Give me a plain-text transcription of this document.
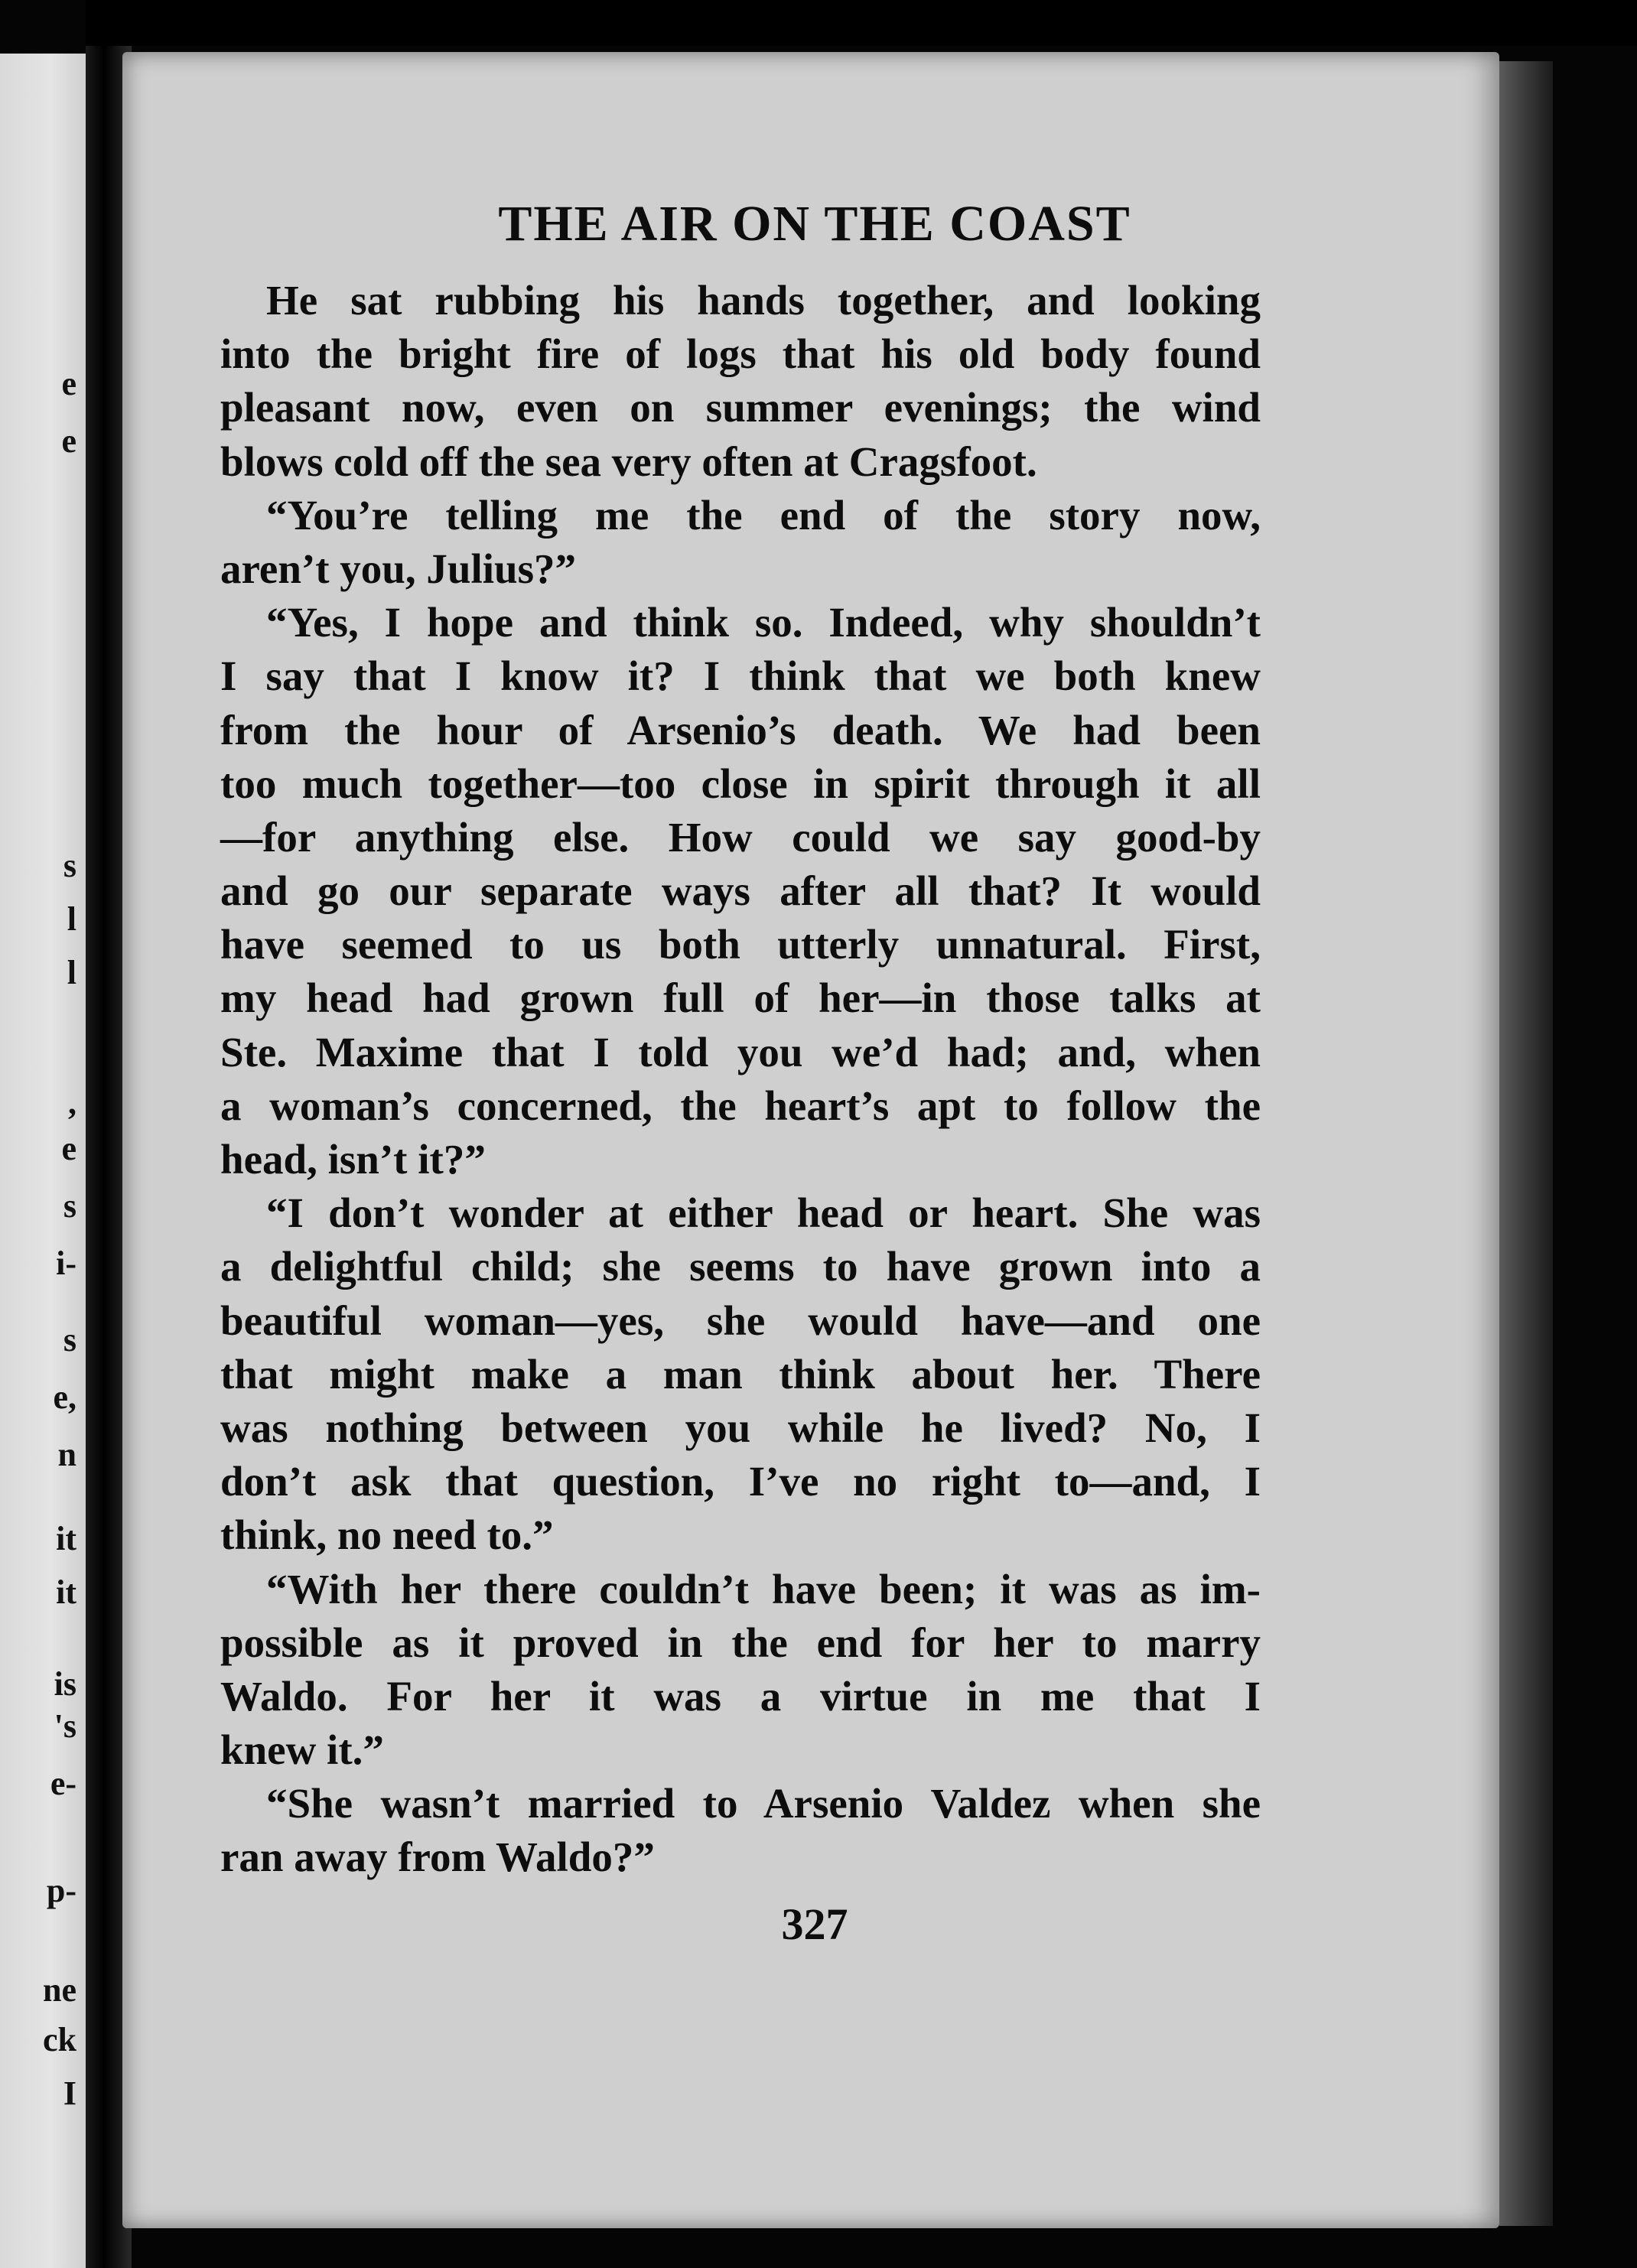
e
e
s
l
l
,
e
s
i-
s
e,
n
it
it
is
's
e-
p-
ne
ck
I
THE AIR ON THE COAST
He sat rubbing his hands together, and looking
into the bright fire of logs that his old body found
pleasant now, even on summer evenings; the wind
blows cold off the sea very often at Cragsfoot.
“You’re telling me the end of the story now,
aren’t you, Julius?”
“Yes, I hope and think so. Indeed, why shouldn’t
I say that I know it? I think that we both knew
from the hour of Arsenio’s death. We had been
too much together—too close in spirit through it all
—for anything else. How could we say good-by
and go our separate ways after all that? It would
have seemed to us both utterly unnatural. First,
my head had grown full of her—in those talks at
Ste. Maxime that I told you we’d had; and, when
a woman’s concerned, the heart’s apt to follow the
head, isn’t it?”
“I don’t wonder at either head or heart. She was
a delightful child; she seems to have grown into a
beautiful woman—yes, she would have—and one
that might make a man think about her. There
was nothing between you while he lived? No, I
don’t ask that question, I’ve no right to—and, I
think, no need to.”
“With her there couldn’t have been; it was as im-
possible as it proved in the end for her to marry
Waldo. For her it was a virtue in me that I
knew it.”
“She wasn’t married to Arsenio Valdez when she
ran away from Waldo?”
327
